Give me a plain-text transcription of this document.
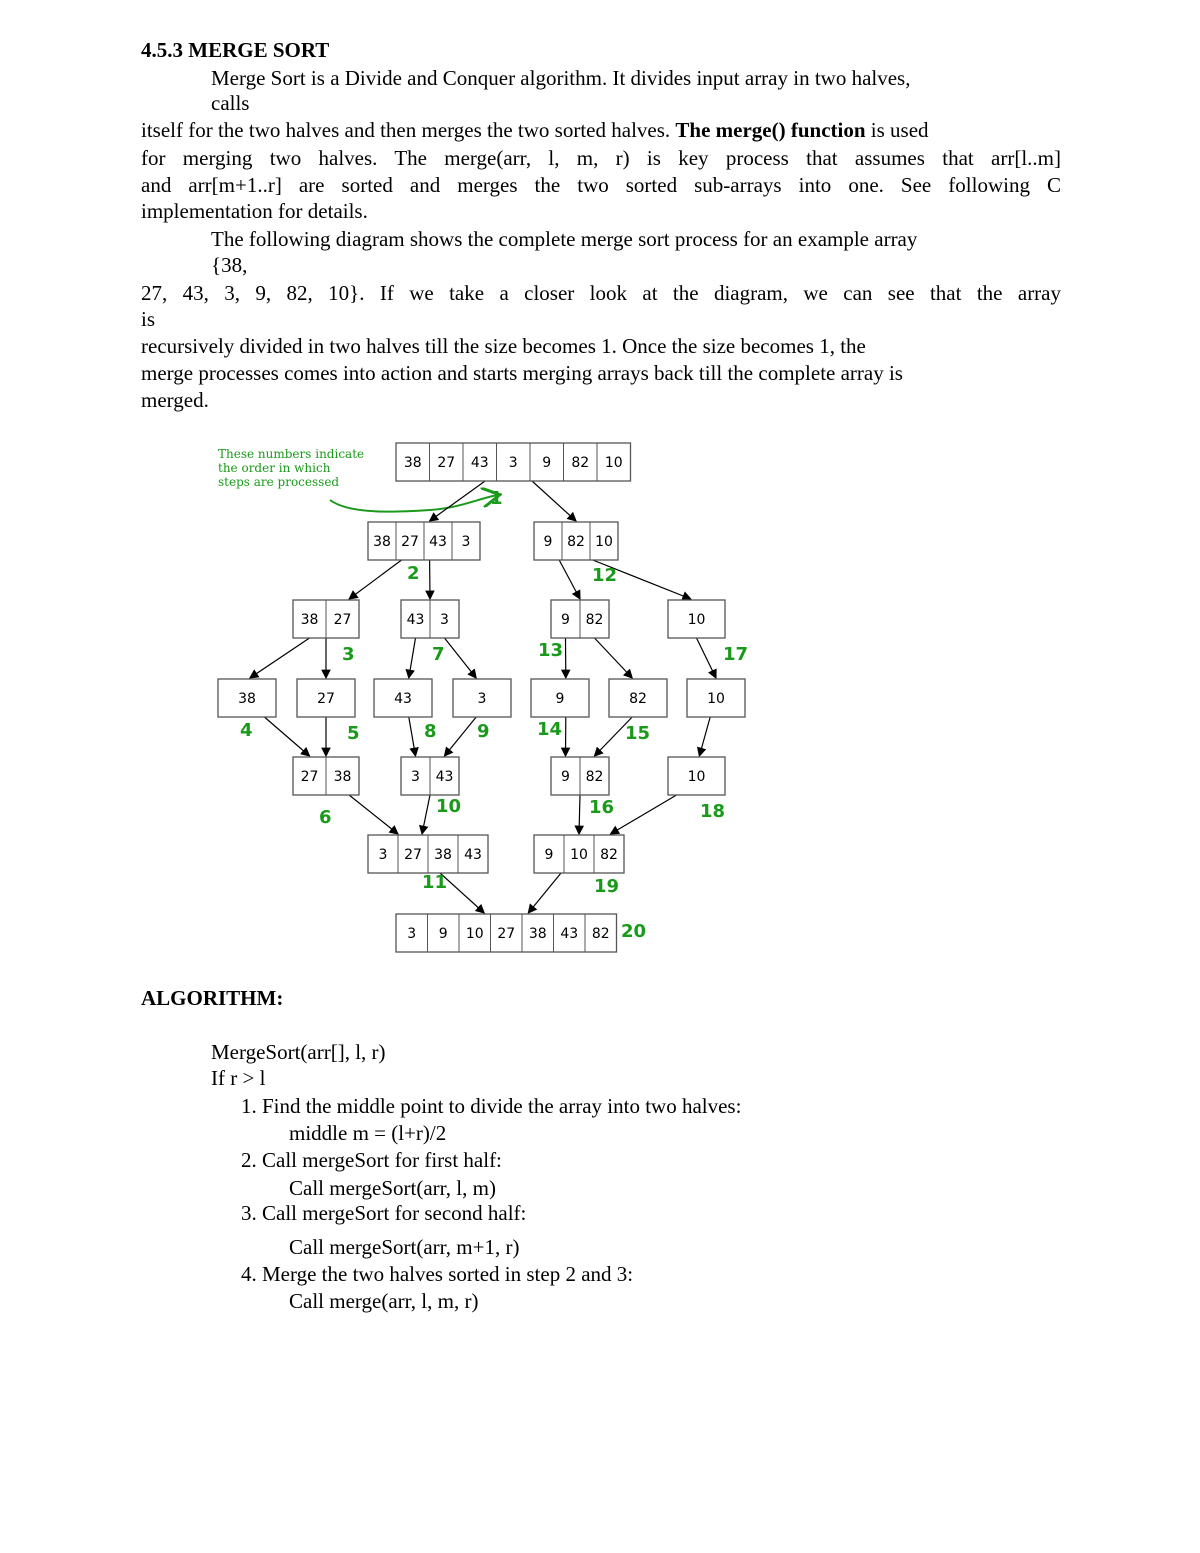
4.5.3 MERGE SORT
Merge Sort is a Divide and Conquer algorithm. It divides input array in two halves,
calls
itself for the two halves and then merges the two sorted halves. The merge() function is used
for merging two halves. The merge(arr, l, m, r) is key process that assumes that arr[l..m]
and arr[m+1..r] are sorted and merges the two sorted sub-arrays into one. See following C
implementation for details.
The following diagram shows the complete merge sort process for an example array
{38,
27, 43, 3, 9, 82, 10}. If we take a closer look at the diagram, we can see that the array
is
recursively divided in two halves till the size becomes 1. Once the size becomes 1, the
merge processes comes into action and starts merging arrays back till the complete array is
merged.
These numbers indicate
the order in which
steps are processed
38 27 43 3 9 82 10
38 27 43 3	9 82 10
38 27	43 3	9 82	10
38	27	43	3	9	82	10
27 38	3 43	9 82	10
3 27 38 43	9 10 82
3 9 10 27 38 43 82
1
2
3
4	5
6
7
8 9
10
11
12
13
14	15
16
17
18
19
20
ALGORITHM:
MergeSort(arr[], l, r)
If r > l
1. Find the middle point to divide the array into two halves:
middle m = (l+r)/2
2. Call mergeSort for first half:
Call mergeSort(arr, l, m)
3. Call mergeSort for second half:
Call mergeSort(arr, m+1, r)
4. Merge the two halves sorted in step 2 and 3:
Call merge(arr, l, m, r)
